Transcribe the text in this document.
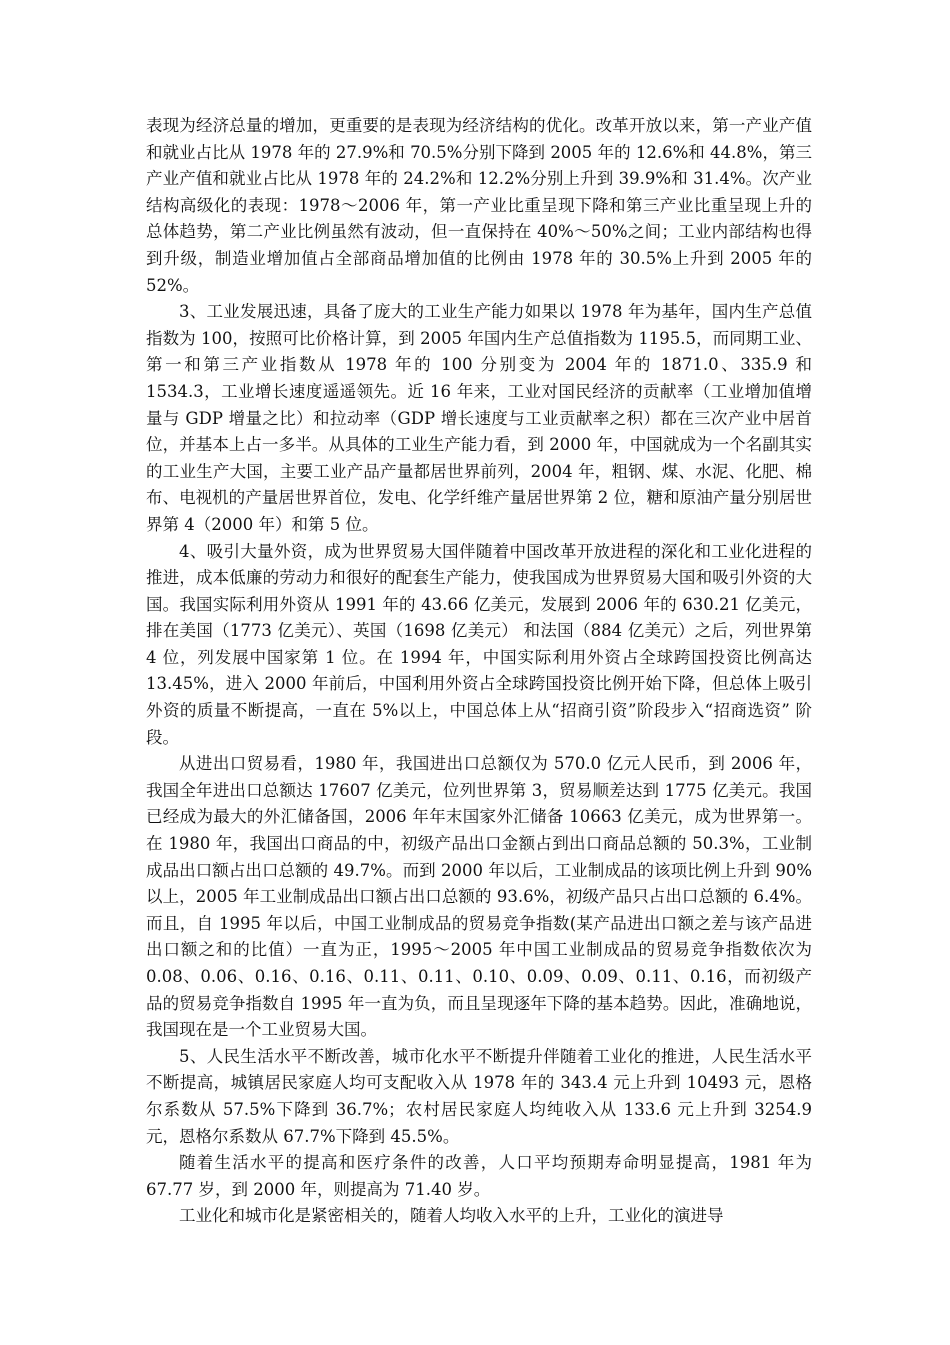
表现为经济总量的增加，更重要的是表现为经济结构的优化。改革开放以来，第一产业产值和就业占比从 1978 年的 27.9%和 70.5%分别下降到 2005 年的 12.6%和 44.8%，第三产业产值和就业占比从 1978 年的 24.2%和 12.2%分别上升到 39.9%和 31.4%。次产业结构高级化的表现：1978～2006 年，第一产业比重呈现下降和第三产业比重呈现上升的总体趋势，第二产业比例虽然有波动，但一直保持在 40%～50%之间；工业内部结构也得到升级，制造业增加值占全部商品增加值的比例由 1978 年的 30.5%上升到 2005 年的 52%。

3、工业发展迅速，具备了庞大的工业生产能力如果以 1978 年为基年，国内生产总值指数为 100，按照可比价格计算，到 2005 年国内生产总值指数为 1195.5，而同期工业、第一和第三产业指数从 1978 年的 100 分别变为 2004 年的 1871.0、335.9 和 1534.3，工业增长速度遥遥领先。近 16 年来，工业对国民经济的贡献率（工业增加值增量与 GDP 增量之比）和拉动率（GDP 增长速度与工业贡献率之积）都在三次产业中居首位，并基本上占一多半。从具体的工业生产能力看，到 2000 年，中国就成为一个名副其实的工业生产大国，主要工业产品产量都居世界前列，2004 年，粗钢、煤、水泥、化肥、棉布、电视机的产量居世界首位，发电、化学纤维产量居世界第 2 位，糖和原油产量分别居世界第 4（2000 年）和第 5 位。

4、吸引大量外资，成为世界贸易大国伴随着中国改革开放进程的深化和工业化进程的推进，成本低廉的劳动力和很好的配套生产能力，使我国成为世界贸易大国和吸引外资的大国。我国实际利用外资从 1991 年的 43.66 亿美元，发展到 2006 年的 630.21 亿美元，排在美国（1773 亿美元）、英国（1698 亿美元） 和法国（884 亿美元）之后，列世界第 4 位，列发展中国家第 1 位。在 1994 年，中国实际利用外资占全球跨国投资比例高达 13.45%，进入 2000 年前后，中国利用外资占全球跨国投资比例开始下降，但总体上吸引外资的质量不断提高，一直在 5%以上，中国总体上从“招商引资”阶段步入“招商选资” 阶段。

从进出口贸易看，1980 年，我国进出口总额仅为 570.0 亿元人民币，到 2006 年，我国全年进出口总额达 17607 亿美元，位列世界第 3，贸易顺差达到 1775 亿美元。我国已经成为最大的外汇储备国，2006 年年末国家外汇储备 10663 亿美元，成为世界第一。在 1980 年，我国出口商品的中，初级产品出口金额占到出口商品总额的 50.3%，工业制成品出口额占出口总额的 49.7%。而到 2000 年以后，工业制成品的该项比例上升到 90%以上，2005 年工业制成品出口额占出口总额的 93.6%，初级产品只占出口总额的 6.4%。而且，自 1995 年以后，中国工业制成品的贸易竞争指数(某产品进出口额之差与该产品进出口额之和的比值）一直为正，1995～2005 年中国工业制成品的贸易竞争指数依次为 0.08、0.06、0.16、0.16、0.11、0.11、0.10、0.09、0.09、0.11、0.16，而初级产品的贸易竞争指数自 1995 年一直为负，而且呈现逐年下降的基本趋势。因此，准确地说，我国现在是一个工业贸易大国。

5、人民生活水平不断改善，城市化水平不断提升伴随着工业化的推进，人民生活水平不断提高，城镇居民家庭人均可支配收入从 1978 年的 343.4 元上升到 10493 元，恩格尔系数从 57.5%下降到 36.7%；农村居民家庭人均纯收入从 133.6 元上升到 3254.9 元，恩格尔系数从 67.7%下降到 45.5%。

随着生活水平的提高和医疗条件的改善，人口平均预期寿命明显提高，1981 年为 67.77 岁，到 2000 年，则提高为 71.40 岁。

工业化和城市化是紧密相关的，随着人均收入水平的上升，工业化的演进导
